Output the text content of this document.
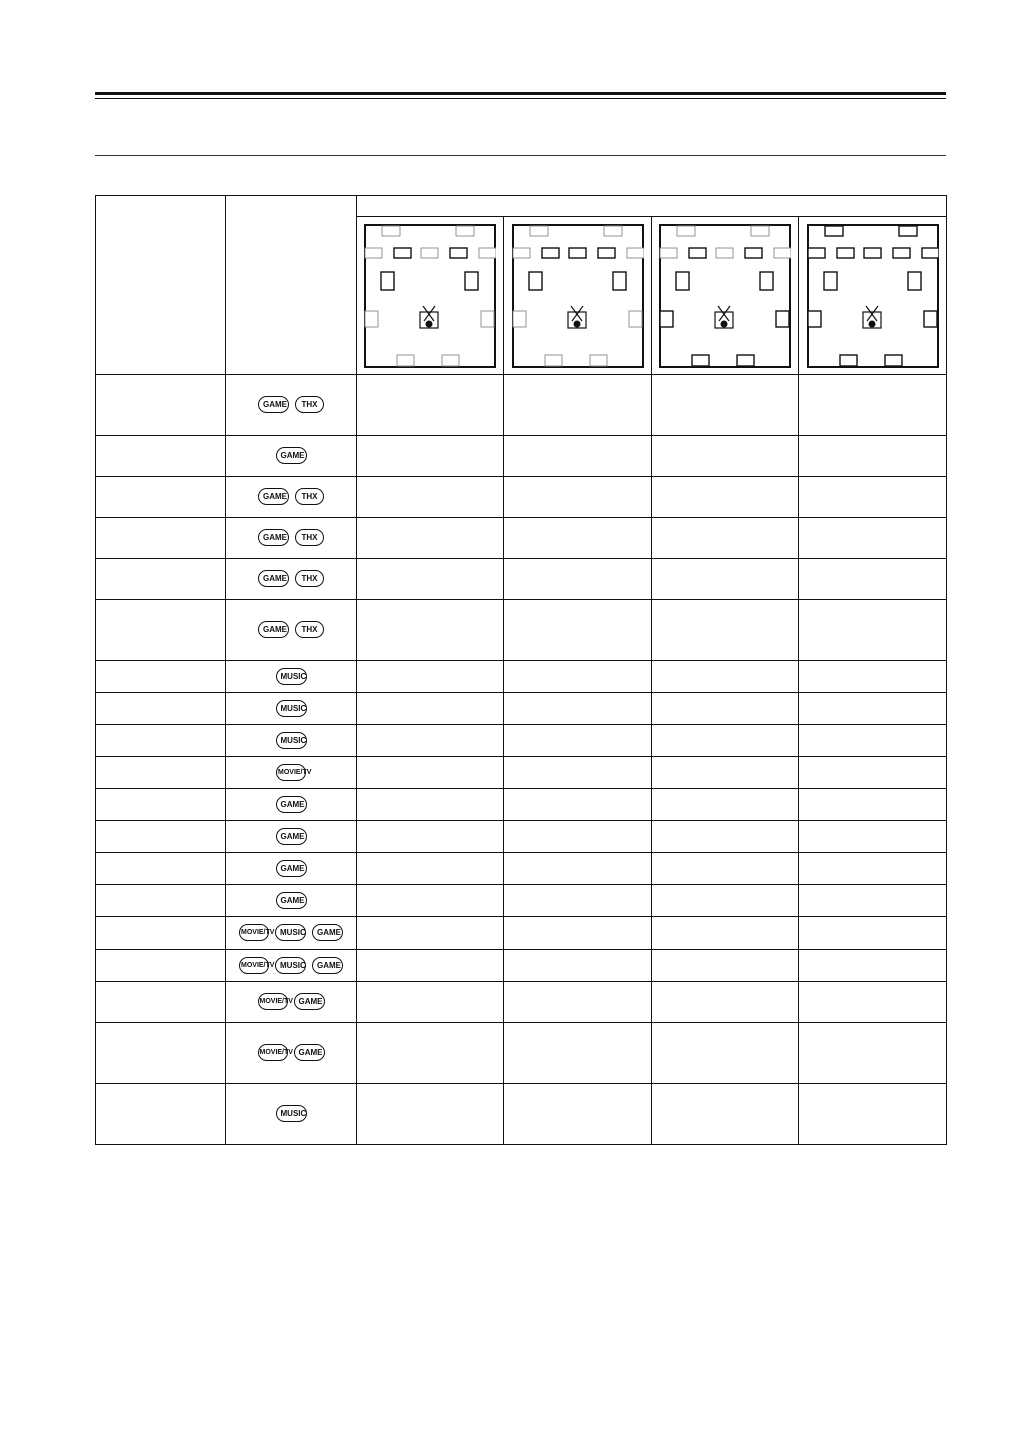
	GAME THX				
	GAME				
	GAME THX				
	GAME THX				
	GAME THX				
	GAME THX				
	MUSIC				
	MUSIC				
	MUSIC				
	MOVIE/TV				
	GAME				
	GAME				
	GAME				
	GAME				
	MOVIE/TV MUSIC GAME				
	MOVIE/TV MUSIC GAME				
	MOVIE/TV GAME				
	MOVIE/TV GAME				
	MUSIC				
